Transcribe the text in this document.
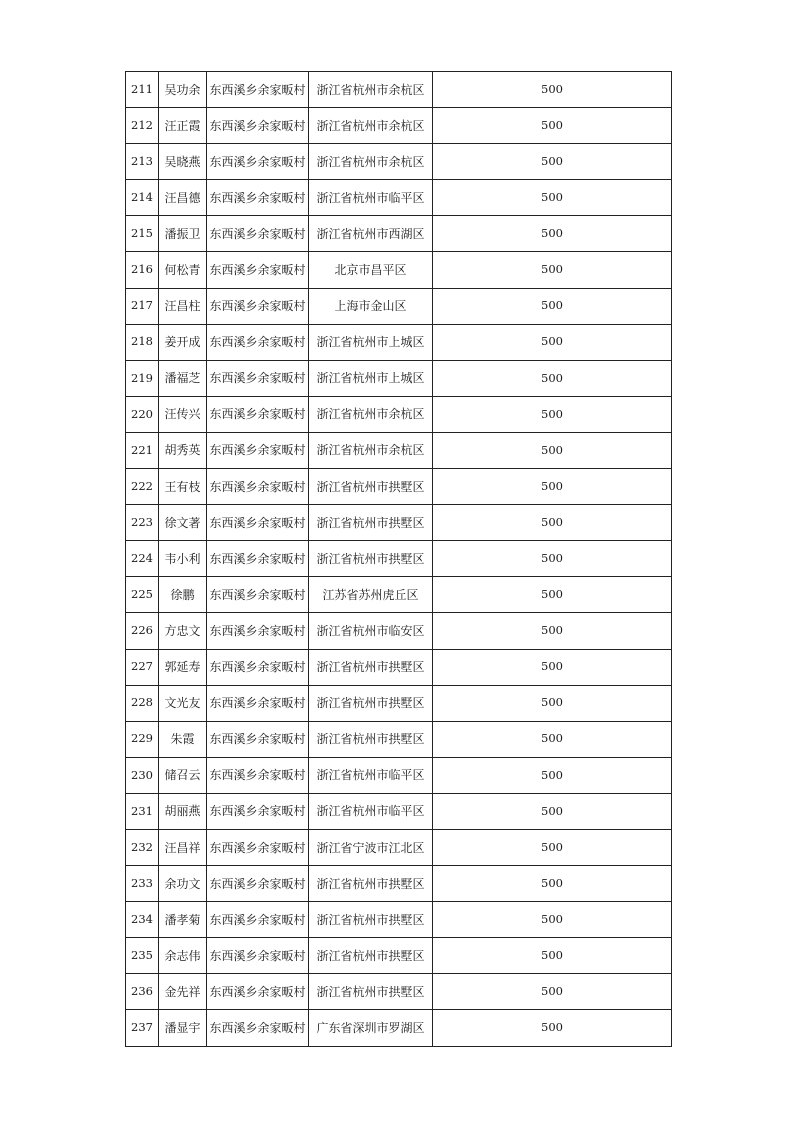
211	吴功余	东西溪乡余家畈村	浙江省杭州市余杭区	500
212	汪正霞	东西溪乡余家畈村	浙江省杭州市余杭区	500
213	吴晓燕	东西溪乡余家畈村	浙江省杭州市余杭区	500
214	汪昌德	东西溪乡余家畈村	浙江省杭州市临平区	500
215	潘振卫	东西溪乡余家畈村	浙江省杭州市西湖区	500
216	何松青	东西溪乡余家畈村	北京市昌平区	500
217	汪昌柱	东西溪乡余家畈村	上海市金山区	500
218	姜开成	东西溪乡余家畈村	浙江省杭州市上城区	500
219	潘福芝	东西溪乡余家畈村	浙江省杭州市上城区	500
220	汪传兴	东西溪乡余家畈村	浙江省杭州市余杭区	500
221	胡秀英	东西溪乡余家畈村	浙江省杭州市余杭区	500
222	王有枝	东西溪乡余家畈村	浙江省杭州市拱墅区	500
223	徐文著	东西溪乡余家畈村	浙江省杭州市拱墅区	500
224	韦小利	东西溪乡余家畈村	浙江省杭州市拱墅区	500
225	徐鹏	东西溪乡余家畈村	江苏省苏州虎丘区	500
226	方忠文	东西溪乡余家畈村	浙江省杭州市临安区	500
227	郭延寿	东西溪乡余家畈村	浙江省杭州市拱墅区	500
228	文光友	东西溪乡余家畈村	浙江省杭州市拱墅区	500
229	朱霞	东西溪乡余家畈村	浙江省杭州市拱墅区	500
230	储召云	东西溪乡余家畈村	浙江省杭州市临平区	500
231	胡丽燕	东西溪乡余家畈村	浙江省杭州市临平区	500
232	汪昌祥	东西溪乡余家畈村	浙江省宁波市江北区	500
233	余功文	东西溪乡余家畈村	浙江省杭州市拱墅区	500
234	潘孝菊	东西溪乡余家畈村	浙江省杭州市拱墅区	500
235	余志伟	东西溪乡余家畈村	浙江省杭州市拱墅区	500
236	金先祥	东西溪乡余家畈村	浙江省杭州市拱墅区	500
237	潘显宇	东西溪乡余家畈村	广东省深圳市罗湖区	500
